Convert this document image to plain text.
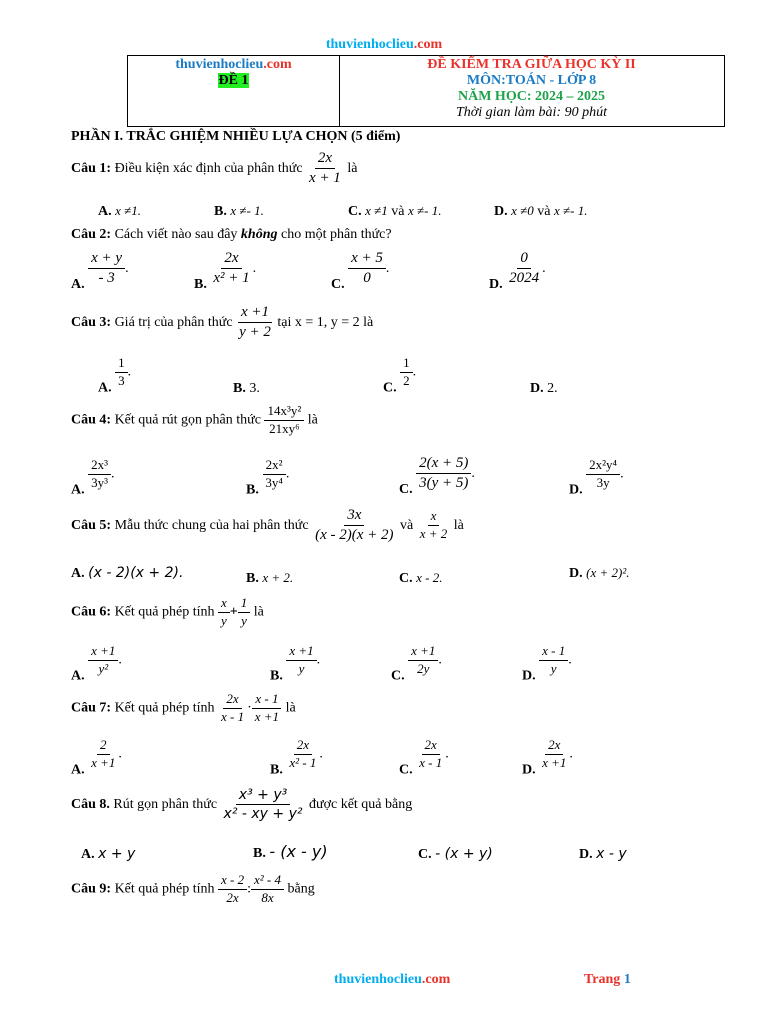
thuvienhoclieu.com
thuvienhoclieu.com
ĐỀ 1
ĐỀ KIỂM TRA GIỮA HỌC KỲ II
MÔN:TOÁN - LỚP 8
NĂM HỌC: 2024 – 2025
Thời gian làm bài: 90 phút
PHẦN I. TRẮC GHIỆM NHIỀU LỰA CHỌN (5 điểm)
Câu 1: Điều kiện xác định của phân thức $\frac{2x}{x + 1}$ là
A. x ≠1.	B. x ≠- 1.	C. x ≠1 và x ≠- 1.	D. x ≠0 và x ≠- 1.
Câu 2: Cách viết nào sau đây không cho một phân thức?
A. $\frac{x + y}{- 3}$ .
B. $\frac{2x}{\text{x² + 1}}$ .
C. $\frac{x + 5}{0}$ .
D. $\frac{0}{2024}$ .
Câu 3: Giá trị của phân thức $\frac{x +1}{y + 2}$ tại x = 1, y = 2 là
A. $\frac{1}{3}$ .
B. 3.	C. $\frac{1}{2}$ .
D. 2.
Câu 4: Kết quả rút gọn phân thức $\frac{\text{14x³y²}}{\text{21xy⁶}}$ là
A. $\frac{\text{2x³}}{\text{3y³}}$ .
B. $\frac{\text{2x²}}{\text{3y⁴}}$ .
C. $\frac{2(x + 5)}{3(y + 5)}$ .
D. $\frac{\text{2x²y⁴}}{3y}$ .
Câu 5: Mẫu thức chung của hai phân thức $\frac{3x}{(x - 2)(x + 2)}$ và $\frac{x}{x + 2}$ là
A. (x - 2)(x + 2).	B. x + 2.	C. x - 2.	D. (x + 2)².
Câu 6: Kết quả phép tính $\frac{x}{y} + \frac{1}{y}$ là
A. $\frac{x +1}{\text{y²}}$ .
B. $\frac{x +1}{y}$ .
C. $\frac{x +1}{2y}$ .
D. $\frac{x - 1}{y}$ .
Câu 7: Kết quả phép tính $\frac{2x}{x - 1} \cdot \frac{x - 1}{x +1}$ là
A. $\frac{2}{x +1}$ .
B. $\frac{2x}{\text{x² - 1}}$ .
C. $\frac{2x}{x - 1}$ .
D. $\frac{2x}{x +1}$ .
Câu 8. Rút gọn phân thức $\frac{\text{x³ + y³}}{\text{x² - xy + y²}}$ được kết quả bằng
A. x + y	B. - (x - y)	C. - (x + y)	D. x - y
Câu 9: Kết quả phép tính $\frac{x - 2}{2x}$ : $\frac{\text{x² - 4}}{8x}$ bằng
thuvienhoclieu.com	Trang 1
